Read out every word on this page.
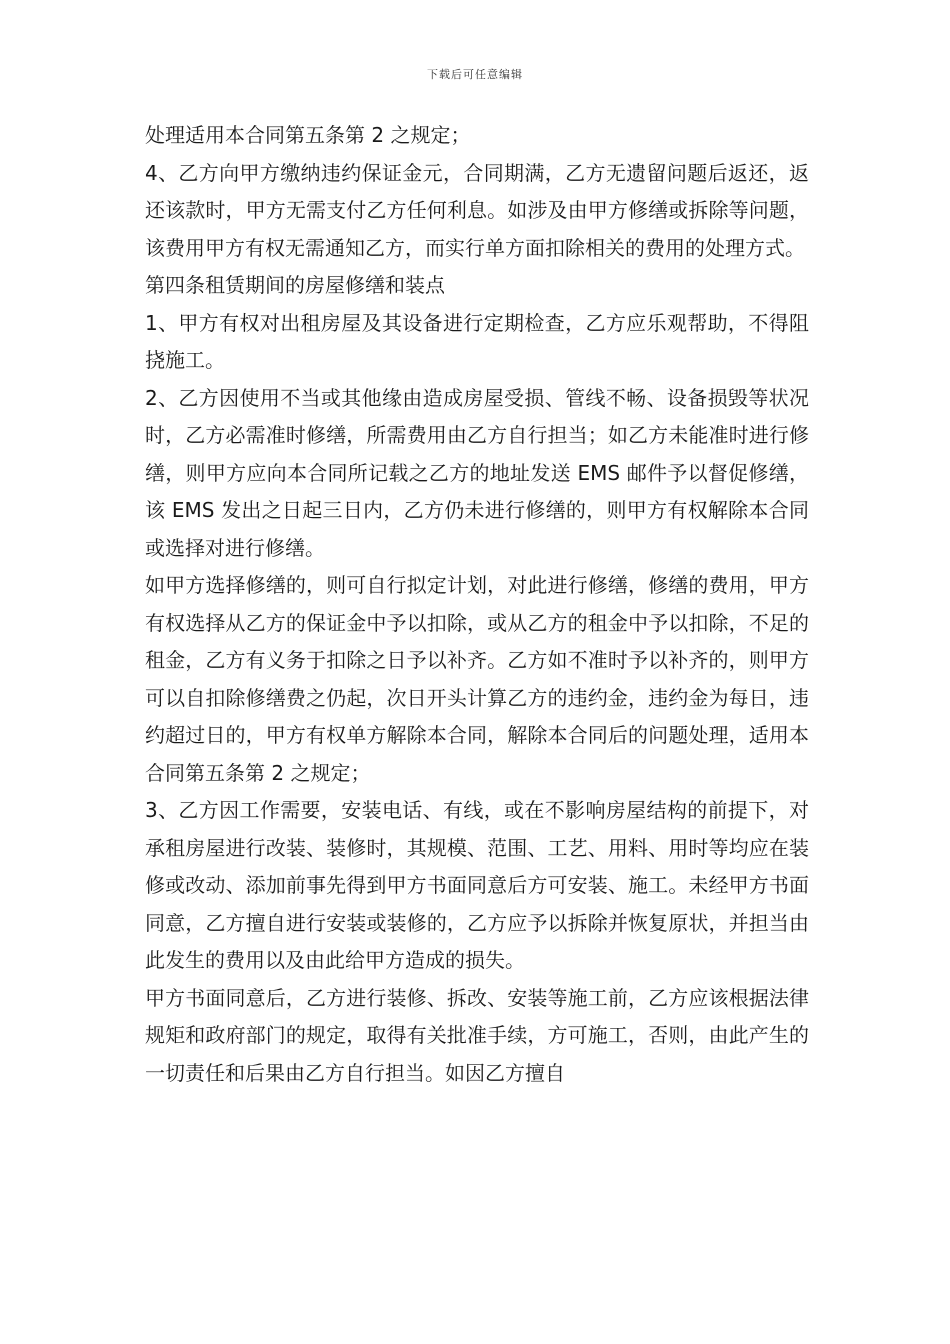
下载后可任意编辑

处理适用本合同第五条第 2 之规定；

4、乙方向甲方缴纳违约保证金元，合同期满，乙方无遗留问题后返还，返还该款时，甲方无需支付乙方任何利息。如涉及由甲方修缮或拆除等问题，该费用甲方有权无需通知乙方，而实行单方面扣除相关的费用的处理方式。

第四条租赁期间的房屋修缮和装点

1、甲方有权对出租房屋及其设备进行定期检查，乙方应乐观帮助，不得阻挠施工。

2、乙方因使用不当或其他缘由造成房屋受损、管线不畅、设备损毁等状况时，乙方必需准时修缮，所需费用由乙方自行担当；如乙方未能准时进行修缮，则甲方应向本合同所记载之乙方的地址发送 EMS 邮件予以督促修缮，该 EMS 发出之日起三日内，乙方仍未进行修缮的，则甲方有权解除本合同或选择对进行修缮。

如甲方选择修缮的，则可自行拟定计划，对此进行修缮，修缮的费用，甲方有权选择从乙方的保证金中予以扣除，或从乙方的租金中予以扣除，不足的租金，乙方有义务于扣除之日予以补齐。乙方如不准时予以补齐的，则甲方可以自扣除修缮费之仍起，次日开头计算乙方的违约金，违约金为每日，违约超过日的，甲方有权单方解除本合同，解除本合同后的问题处理，适用本合同第五条第 2 之规定；

3、乙方因工作需要，安装电话、有线，或在不影响房屋结构的前提下，对承租房屋进行改装、装修时，其规模、范围、工艺、用料、用时等均应在装修或改动、添加前事先得到甲方书面同意后方可安装、施工。未经甲方书面同意，乙方擅自进行安装或装修的，乙方应予以拆除并恢复原状，并担当由此发生的费用以及由此给甲方造成的损失。

甲方书面同意后，乙方进行装修、拆改、安装等施工前，乙方应该根据法律规矩和政府部门的规定，取得有关批准手续，方可施工，否则，由此产生的一切责任和后果由乙方自行担当。如因乙方擅自
